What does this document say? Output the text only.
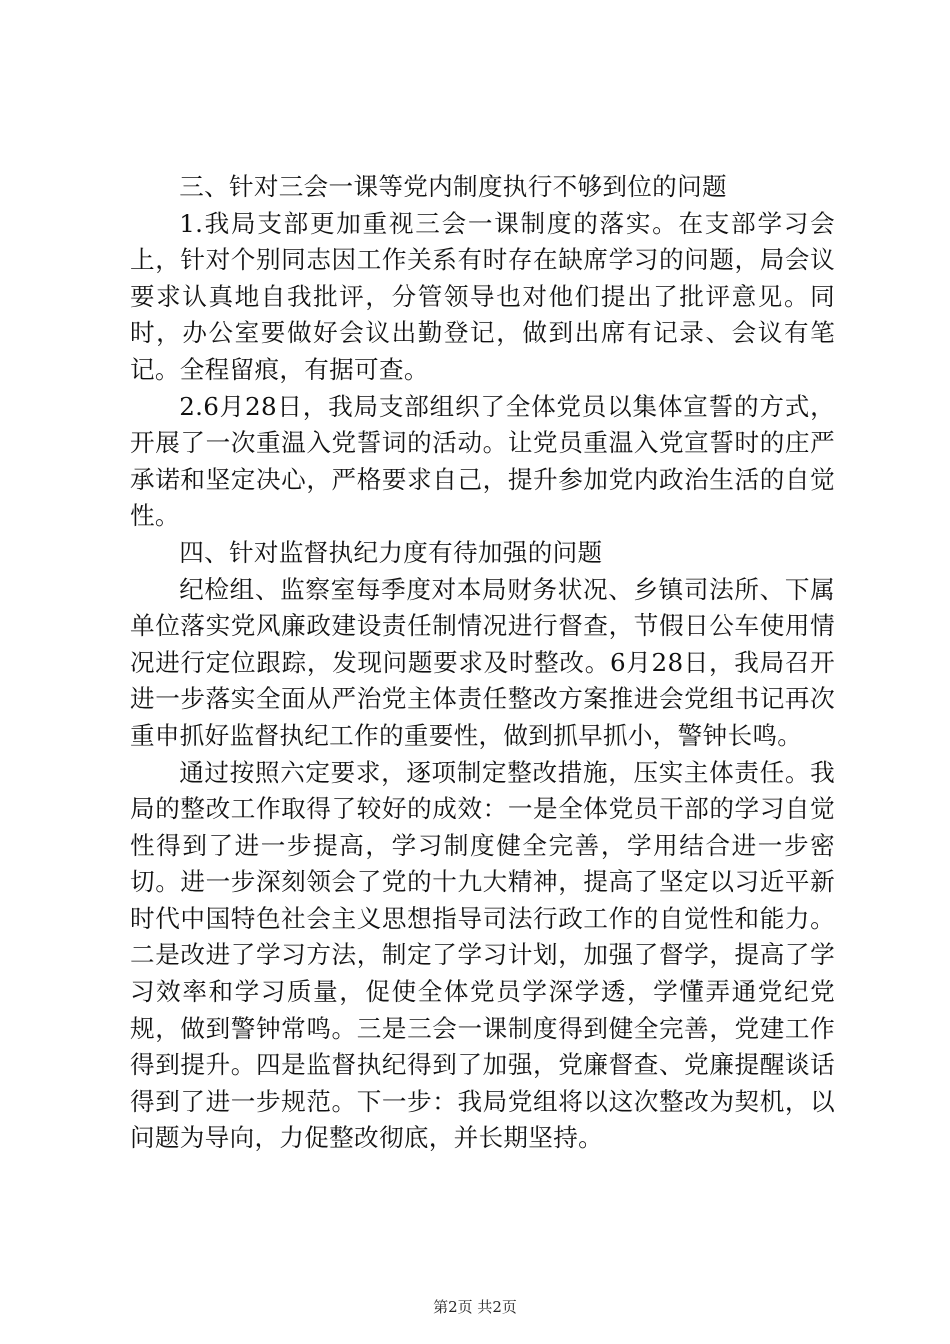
三、针对三会一课等党内制度执行不够到位的问题

1.我局支部更加重视三会一课制度的落实。在支部学习会上，针对个别同志因工作关系有时存在缺席学习的问题，局会议要求认真地自我批评，分管领导也对他们提出了批评意见。同时，办公室要做好会议出勤登记，做到出席有记录、会议有笔记。全程留痕，有据可查。

2.6月28日，我局支部组织了全体党员以集体宣誓的方式，开展了一次重温入党誓词的活动。让党员重温入党宣誓时的庄严承诺和坚定决心，严格要求自己，提升参加党内政治生活的自觉性。

四、针对监督执纪力度有待加强的问题

纪检组、监察室每季度对本局财务状况、乡镇司法所、下属单位落实党风廉政建设责任制情况进行督查，节假日公车使用情况进行定位跟踪，发现问题要求及时整改。6月28日，我局召开进一步落实全面从严治党主体责任整改方案推进会党组书记再次重申抓好监督执纪工作的重要性，做到抓早抓小，警钟长鸣。

通过按照六定要求，逐项制定整改措施，压实主体责任。我局的整改工作取得了较好的成效：一是全体党员干部的学习自觉性得到了进一步提高，学习制度健全完善，学用结合进一步密切。进一步深刻领会了党的十九大精神，提高了坚定以习近平新时代中国特色社会主义思想指导司法行政工作的自觉性和能力。二是改进了学习方法，制定了学习计划，加强了督学，提高了学习效率和学习质量，促使全体党员学深学透，学懂弄通党纪党规，做到警钟常鸣。三是三会一课制度得到健全完善，党建工作得到提升。四是监督执纪得到了加强，党廉督查、党廉提醒谈话得到了进一步规范。下一步：我局党组将以这次整改为契机，以问题为导向，力促整改彻底，并长期坚持。

第2页 共2页
